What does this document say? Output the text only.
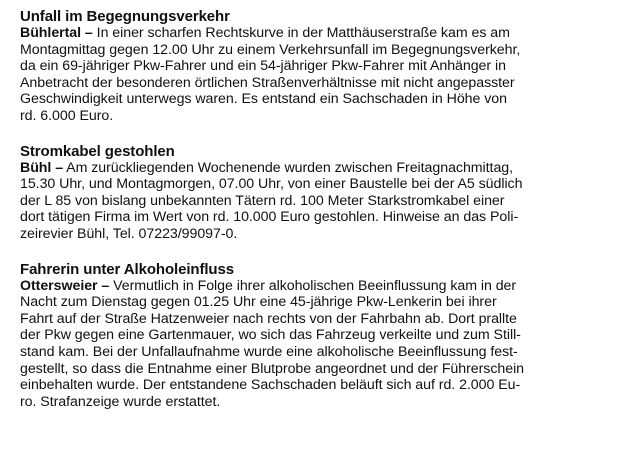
Unfall im Begegnungsverkehr

Bühlertal – In einer scharfen Rechtskurve in der Matthäuserstraße kam es am
Montagmittag gegen 12.00 Uhr zu einem Verkehrsunfall im Begegnungsverkehr,
da ein 69-jähriger Pkw-Fahrer und ein 54-jähriger Pkw-Fahrer mit Anhänger in
Anbetracht der besonderen örtlichen Straßenverhältnisse mit nicht angepasster
Geschwindigkeit unterwegs waren. Es entstand ein Sachschaden in Höhe von
rd. 6.000 Euro.

Stromkabel gestohlen

Bühl – Am zurückliegenden Wochenende wurden zwischen Freitagnachmittag,
15.30 Uhr, und Montagmorgen, 07.00 Uhr, von einer Baustelle bei der A5 südlich
der L 85 von bislang unbekannten Tätern rd. 100 Meter Starkstromkabel einer
dort tätigen Firma im Wert von rd. 10.000 Euro gestohlen. Hinweise an das Poli-
zeirevier Bühl, Tel. 07223/99097-0.

Fahrerin unter Alkoholeinfluss

Ottersweier – Vermutlich in Folge ihrer alkoholischen Beeinflussung kam in der
Nacht zum Dienstag gegen 01.25 Uhr eine 45-jährige Pkw-Lenkerin bei ihrer
Fahrt auf der Straße Hatzenweier nach rechts von der Fahrbahn ab. Dort prallte
der Pkw gegen eine Gartenmauer, wo sich das Fahrzeug verkeilte und zum Still-
stand kam. Bei der Unfallaufnahme wurde eine alkoholische Beeinflussung fest-
gestellt, so dass die Entnahme einer Blutprobe angeordnet und der Führerschein
einbehalten wurde. Der entstandene Sachschaden beläuft sich auf rd. 2.000 Eu-
ro. Strafanzeige wurde erstattet.
